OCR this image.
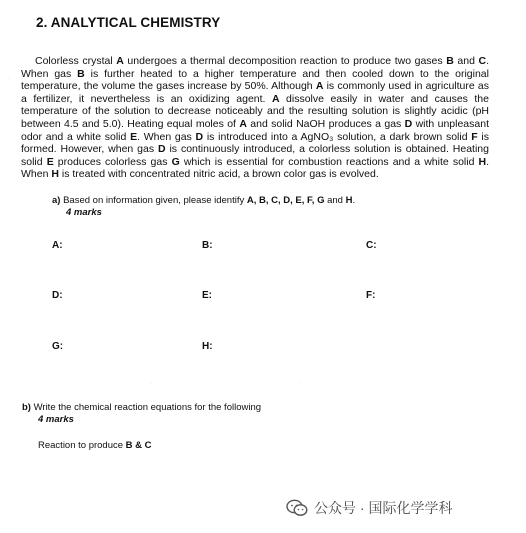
2. ANALYTICAL CHEMISTRY
Colorless crystal A undergoes a thermal decomposition reaction to produce two gases B and C. When gas B is further heated to a higher temperature and then cooled down to the original temperature, the volume the gases increase by 50%. Although A is commonly used in agriculture as a fertilizer, it nevertheless is an oxidizing agent. A dissolve easily in water and causes the temperature of the solution to decrease noticeably and the resulting solution is slightly acidic (pH between 4.5 and 5.0). Heating equal moles of A and solid NaOH produces a gas D with unpleasant odor and a white solid E. When gas D is introduced into a AgNO₃ solution, a dark brown solid F is formed. However, when gas D is continuously introduced, a colorless solution is obtained. Heating solid E produces colorless gas G which is essential for combustion reactions and a white solid H. When H is treated with concentrated nitric acid, a brown color gas is evolved.
a) Based on information given, please identify A, B, C, D, E, F, G and H.
4 marks
A:	B:	C:
D:	E:	F:
G:	H:
b) Write the chemical reaction equations for the following
4 marks
Reaction to produce B & C
公众号 · 国际化学学科
·
·	·
